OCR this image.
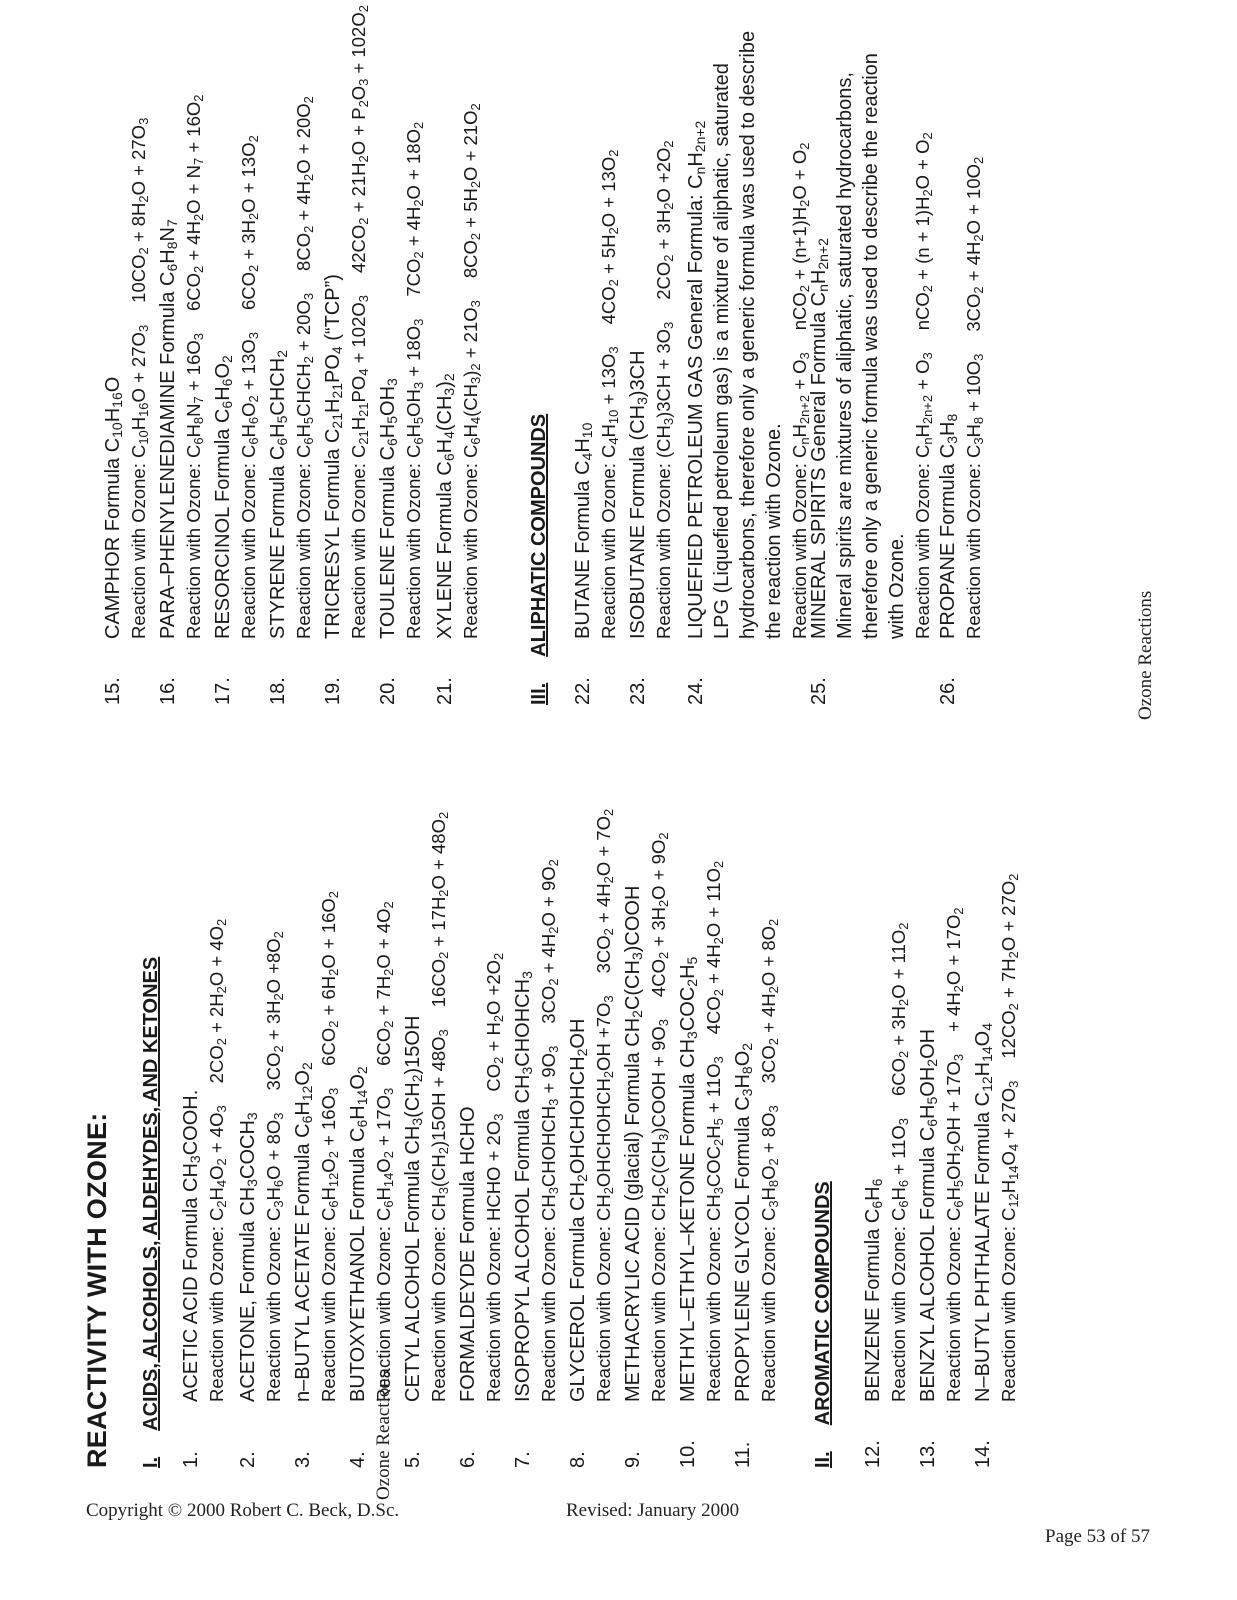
REACTIVITY WITH OZONE: I.ACIDS, ALCOHOLS, ALDEHYDES, AND KETONES
II.AROMATIC COMPOUNDS
III.ALIPHATIC COMPOUNDS
1.ACETIC ACID Formula $CH_3COOH$.
Reaction with Ozone: $C_2H_4O_2 + 4O_32CO_2 + 2H_2O + 4O_2$
2.ACETONE, Formula $CH_3COCH_3$
Reaction with Ozone: $C_3H_6O + 8O_33CO_2 + 3H_2O +8O_2$
3.n–BUTYL ACETATE Formula $C_6H_{12}O_2$
Reaction with Ozone: $C_6H_{12}O_2 + 16O_36CO_2 + 6H_2O + 16O_2$
4.BUTOXYETHANOL Formula $C_6H_{14}O_2$
Reaction with Ozone: $C_6H_{14}O_2 + 17O_36CO_2 + 7H_2O + 4O_2$
5.CETYL ALCOHOL Formula $CH_3(CH_2)15OH$
Reaction with Ozone: $CH_3(CH_2)15OH + 48O_316CO_2 + 17H_2O + 48O_2$
6.FORMALDEYDE Formula HCHO Reaction with Ozone: HCHO + $2O_3CO_2 + H_2O +2O_2$
7.ISOPROPYL ALCOHOL Formula $CH_3CHOHCH_3$
Reaction with Ozone: $CH_3CHOHCH_3 + 9O_33CO_2 + 4H_2O + 9O_2$
8.GLYCEROL Formula $CH_2OHCHOHCH_2OH$
Reaction with Ozone: $CH_2OHCHOHCH_2OH +7O_33CO_2 + 4H_2O + 7O_2$
9.METHACRYLIC ACID (glacial) Formula $CH_2C(CH_3)COOH$
Reaction with Ozone: $CH_2C(CH_3)COOH + 9O_34CO_2 + 3H_2O + 9O_2$
10.METHYL–ETHYL–KETONE Formula $CH_3COC_2H_5$
Reaction with Ozone: $CH_3COC_2H_5 + 11O_34CO_2 + 4H_2O + 11O_2$
11.PROPYLENE GLYCOL Formula $C_3H_8O_2$
Reaction with Ozone: $C_3H_8O_2 + 8O_33CO_2 + 4H_2O + 8O_2$
12.BENZENE Formula $C_6H_6$
Reaction with Ozone: $C_6H_6 + 11O_36CO_2 + 3H_2O + 11O_2$
13.BENZYL ALCOHOL Formula $C_6H_5OH_2OH$
Reaction with Ozone: $C_6H_5OH_2OH + 17O_3+ 4H_2O + 17O_2$
14.N–BUTYL PHTHALATE Formula $C_{12}H_{14}O_4$
Reaction with Ozone: $C_{12}H_{14}O_4 + 27O_312CO_2 + 7H_2O + 27O_2$
15.CAMPHOR Formula $C_{10}H_{16}O$
Reaction with Ozone: $C_{10}H_{16}O + 27O_310CO_2 + 8H_2O + 27O_3$
16.PARA–PHENYLENEDIAMINE Formula $C_6H_8N_7$
Reaction with Ozone: $C_6H_8N_7 + 16O_36CO_2 + 4H_2O + N_7 + 16O_2$
17.RESORCINOL Formula $C_6H_6O_2$
Reaction with Ozone: $C_6H_6O_2 + 13O_36CO_2 + 3H_2O + 13O_2$
18.STYRENE Formula $C_6H_5CHCH_2$
Reaction with Ozone: $C_6H_5CHCH_2 + 20O_38CO_2 + 4H_2O + 20O_2$
19.TRICRESYL Formula $C_{21}H_{21}PO_4$ (“TCP”)
Reaction with Ozone: $C_{21}H_{21}PO_4 + 102O_342CO_2 + 21H_2O + P_2O_3 + 102O_2$
20.TOULENE Formula $C_6H_5OH_3$
Reaction with Ozone: $C_6H_5OH_3 + 18O_37CO_2 + 4H_2O + 18O_2$
21.XYLENE Formula $C_6H_4(CH_3)_2$
Reaction with Ozone: $C_6H_4(CH_3)_2 + 21O_38CO_2 + 5H_2O + 21O_2$
22.BUTANE Formula $C_4H_{10}$
Reaction with Ozone: $C_4H_{10} + 13O_34CO_2 + 5H_2O + 13O_2$
23.ISOBUTANE Formula $(CH_3)3CH$
Reaction with Ozone: $(CH_3)3CH + 3O_32CO_2 + 3H_2O +2O_2$
24.LIQUEFIED PETROLEUM GAS General Formula: $C_nH_{2n+2}$ LPG (Liquefied petroleum gas) is a mixture of aliphatic, saturated hydrocarbons, therefore only a generic formula was used to describe the reaction with Ozone. Reaction with Ozone: $C_nH_{2n+2} + O_3nCO_2 + (n+1)H_2O + O_2$
25.MINERAL SPIRITS General Formula $C_nH_{2n+2}$ Mineral spirits are mixtures of aliphatic, saturated hydrocarbons, therefore only a generic formula was used to describe the reaction with Ozone. Reaction with Ozone: $C_nH_{2n+2} + O_3nCO_2 + (n + 1)H_2O + O_2$
26.PROPANE Formula $C_3H_8$
Reaction with Ozone: $C_3H_8 + 10O_33CO_2 + 4H_2O + 10O_2$
Ozone Reactions
Ozone Reactions
Copyright © 2000 Robert C. Beck, D.Sc.	Revised: January 2000
Page 53 of 57
